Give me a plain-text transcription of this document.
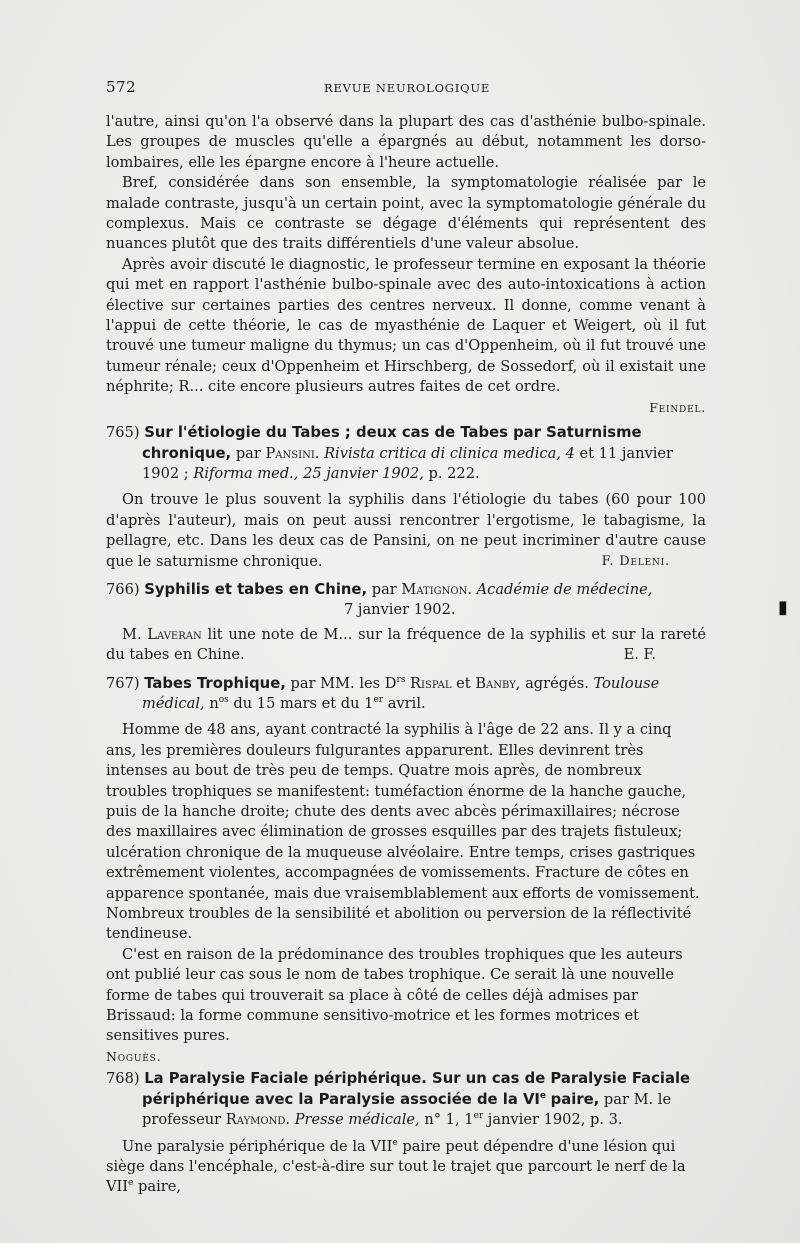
572	REVUE NEUROLOGIQUE

l'autre, ainsi qu'on l'a observé dans la plupart des cas d'asthénie bulbo-spinale. Les groupes de muscles qu'elle a épargnés au début, notamment les dorso-lombaires, elle les épargne encore à l'heure actuelle.

Bref, considérée dans son ensemble, la symptomatologie réalisée par le malade contraste, jusqu'à un certain point, avec la symptomatologie générale du complexus. Mais ce contraste se dégage d'éléments qui représentent des nuances plutôt que des traits différentiels d'une valeur absolue.

Après avoir discuté le diagnostic, le professeur termine en exposant la théorie qui met en rapport l'asthénie bulbo-spinale avec des auto-intoxications à action élective sur certaines parties des centres nerveux. Il donne, comme venant à l'appui de cette théorie, le cas de myasthénie de Laquer et Weigert, où il fut trouvé une tumeur maligne du thymus; un cas d'Oppenheim, où il fut trouvé une tumeur rénale; ceux d'Oppenheim et Hirschberg, de Sossedorf, où il existait une néphrite; R... cite encore plusieurs autres faites de cet ordre.

Feindel.

765) Sur l'étiologie du Tabes ; deux cas de Tabes par Saturnisme chronique, par Pansini. Rivista critica di clinica medica, 4 et 11 janvier 1902 ; Riforma med., 25 janvier 1902, p. 222.

On trouve le plus souvent la syphilis dans l'étiologie du tabes (60 pour 100 d'après l'auteur), mais on peut aussi rencontrer l'ergotisme, le tabagisme, la pellagre, etc. Dans les deux cas de Pansini, on ne peut incriminer d'autre cause que le saturnisme chronique.	F. Deleni.

766) Syphilis et tabes en Chine, par Matignon. Académie de médecine,

7 janvier 1902.

M. Laveran lit une note de M... sur la fréquence de la syphilis et sur la rareté du tabes en Chine.	E. F.

767) Tabes Trophique, par MM. les $D^{rs}$ Rispal et Banby, agrégés. Toulouse médical, $n^{os}$ du 15 mars et du 1er avril.

Homme de 48 ans, ayant contracté la syphilis à l'âge de 22 ans. Il y a cinq ans, les premières douleurs fulgurantes apparurent. Elles devinrent très intenses au bout de très peu de temps. Quatre mois après, de nombreux troubles trophiques se manifestent: tuméfaction énorme de la hanche gauche, puis de la hanche droite; chute des dents avec abcès périmaxillaires; nécrose des maxillaires avec élimination de grosses esquilles par des trajets fistuleux; ulcération chronique de la muqueuse alvéolaire. Entre temps, crises gastriques extrêmement violentes, accompagnées de vomissements. Fracture de côtes en apparence spontanée, mais due vraisemblablement aux efforts de vomissement. Nombreux troubles de la sensibilité et abolition ou perversion de la réflectivité tendineuse.

C'est en raison de la prédominance des troubles trophiques que les auteurs ont publié leur cas sous le nom de tabes trophique. Ce serait là une nouvelle forme de tabes qui trouverait sa place à côté de celles déjà admises par Brissaud: la forme commune sensitivo-motrice et les formes motrices et sensitives pures.

Noguès.

768) La Paralysie Faciale périphérique. Sur un cas de Paralysie Faciale périphérique avec la Paralysie associée de la VIe paire, par M. le professeur Raymond. Presse médicale, n° 1, 1er janvier 1902, p. 3.

Une paralysie périphérique de la VIIe paire peut dépendre d'une lésion qui siège dans l'encéphale, c'est-à-dire sur tout le trajet que parcourt le nerf de la VIIe paire,

▮
